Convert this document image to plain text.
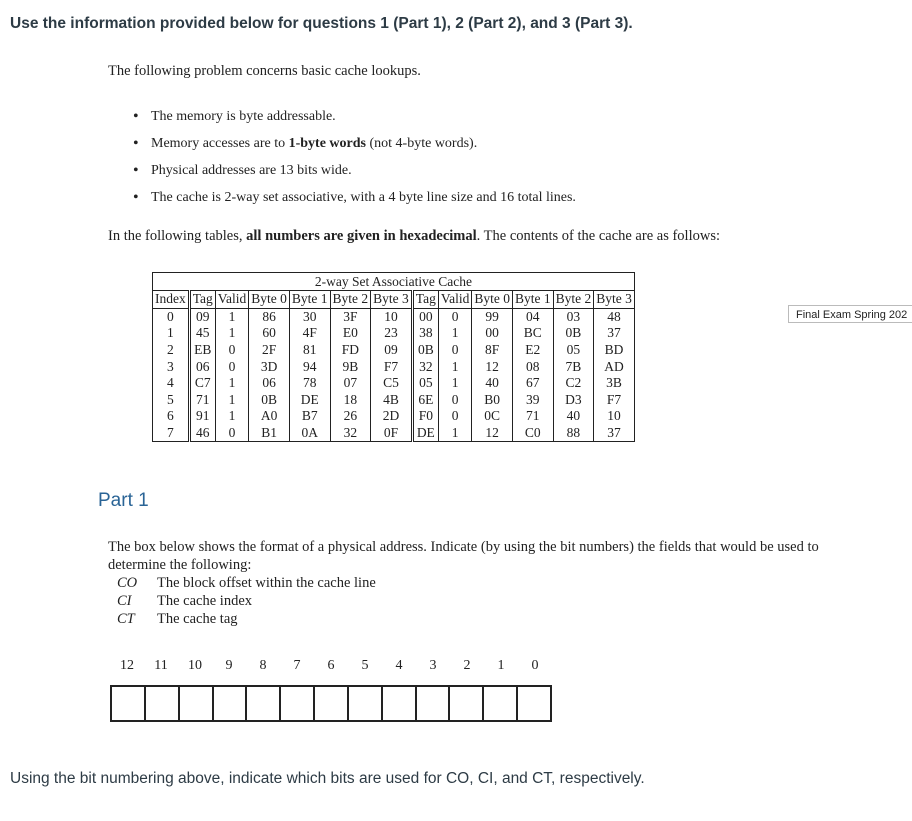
Use the information provided below for questions 1 (Part 1), 2 (Part 2), and 3 (Part 3).
The following problem concerns basic cache lookups.
• The memory is byte addressable.
• Memory accesses are to 1-byte words (not 4-byte words).
• Physical addresses are 13 bits wide.
• The cache is 2-way set associative, with a 4 byte line size and 16 total lines.
In the following tables, all numbers are given in hexadecimal. The contents of the cache are as follows:
2-way Set Associative Cache												
Index	Tag	Valid	Byte 0	Byte 1	Byte 2	Byte 3	Tag	Valid	Byte 0	Byte 1	Byte 2	Byte 3
0	09	1	86	30	3F	10	00	0	99	04	03	48
1	45	1	60	4F	E0	23	38	1	00	BC	0B	37
2	EB	0	2F	81	FD	09	0B	0	8F	E2	05	BD
3	06	0	3D	94	9B	F7	32	1	12	08	7B	AD
4	C7	1	06	78	07	C5	05	1	40	67	C2	3B
5	71	1	0B	DE	18	4B	6E	0	B0	39	D3	F7
6	91	1	A0	B7	26	2D	F0	0	0C	71	40	10
7	46	0	B1	0A	32	0F	DE	1	12	C0	88	37
Final Exam Spring 202
Part 1
The box below shows the format of a physical address. Indicate (by using the bit numbers) the fields that would be used to determine the following:
CO The block offset within the cache line
CI The cache index
CT The cache tag
12	11	10	9	8	7	6	5	4	3	2	1	0
Using the bit numbering above, indicate which bits are used for CO, CI, and CT, respectively.
